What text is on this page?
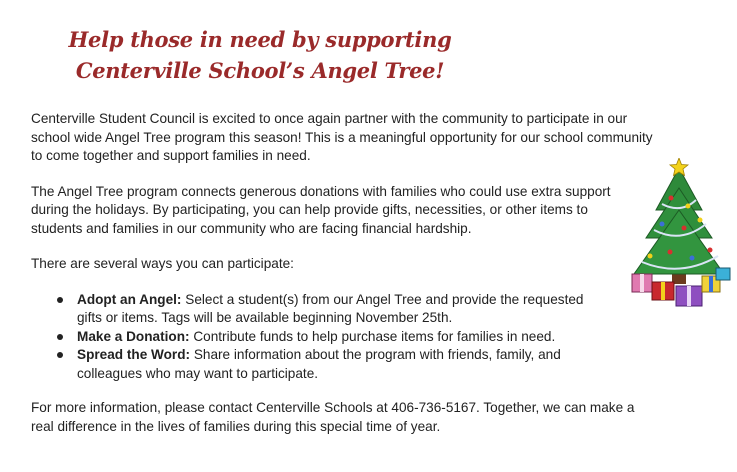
Help those in need by supporting
Centerville School’s Angel Tree!

Centerville Student Council is excited to once again partner with the community to participate in our school wide Angel Tree program this season! This is a meaningful opportunity for our school community to come together and support families in need.

The Angel Tree program connects generous donations with families who could use extra support during the holidays. By participating, you can help provide gifts, necessities, or other items to students and families in our community who are facing financial hardship.

There are several ways you can participate:

Adopt an Angel: Select a student(s) from our Angel Tree and provide the requested gifts or items. Tags will be available beginning November 25th.
Make a Donation: Contribute funds to help purchase items for families in need.
Spread the Word: Share information about the program with friends, family, and colleagues who may want to participate.

For more information, please contact Centerville Schools at 406-736-5167. Together, we can make a real difference in the lives of families during this special time of year.
